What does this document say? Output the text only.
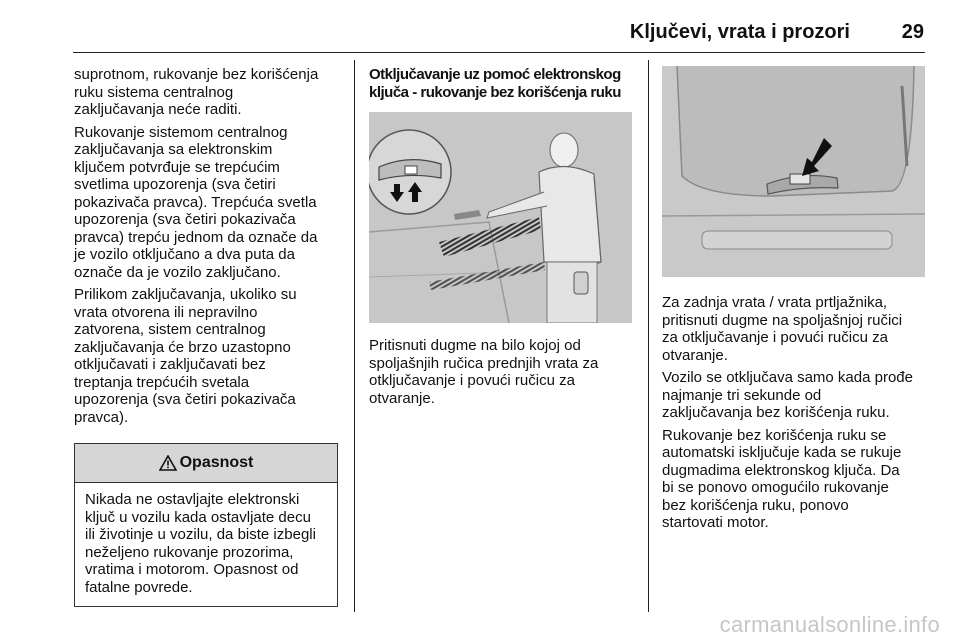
Ključevi, vrata i prozori	29

suprotnom, rukovanje bez korišćenja
ruku sistema centralnog
zaključavanja neće raditi.

Rukovanje sistemom centralnog
zaključavanja sa elektronskim
ključem potvrđuje se trepćućim
svetlima upozorenja (sva četiri
pokazivača pravca). Trepćuća svetla
upozorenja (sva četiri pokazivača
pravca) trepću jednom da označe da
je vozilo otključano a dva puta da
označe da je vozilo zaključano.

Prilikom zaključavanja, ukoliko su
vrata otvorena ili nepravilno
zatvorena, sistem centralnog
zaključavanja će brzo uzastopno
otključavati i zaključavati bez
treptanja trepćućih svetala
upozorenja (sva četiri pokazivača
pravca).

Opasnost
Nikada ne ostavljajte elektronski
ključ u vozilu kada ostavljate decu
ili životinje u vozilu, da biste izbegli
neželjeno rukovanje prozorima,
vratima i motorom. Opasnost od
fatalne povrede.

Otključavanje uz pomoć elektronskog
ključa - rukovanje bez korišćenja ruku

Pritisnuti dugme na bilo kojoj od
spoljašnjih ručica prednjih vrata za
otključavanje i povući ručicu za
otvaranje.

Za zadnja vrata / vrata prtljažnika,
pritisnuti dugme na spoljašnjoj ručici
za otključavanje i povući ručicu za
otvaranje.

Vozilo se otključava samo kada prođe
najmanje tri sekunde od
zaključavanja bez korišćenja ruku.

Rukovanje bez korišćenja ruku se
automatski isključuje kada se rukuje
dugmadima elektronskog ključa. Da
bi se ponovo omogućilo rukovanje
bez korišćenja ruku, ponovo
startovati motor.

carmanualsonline.info
